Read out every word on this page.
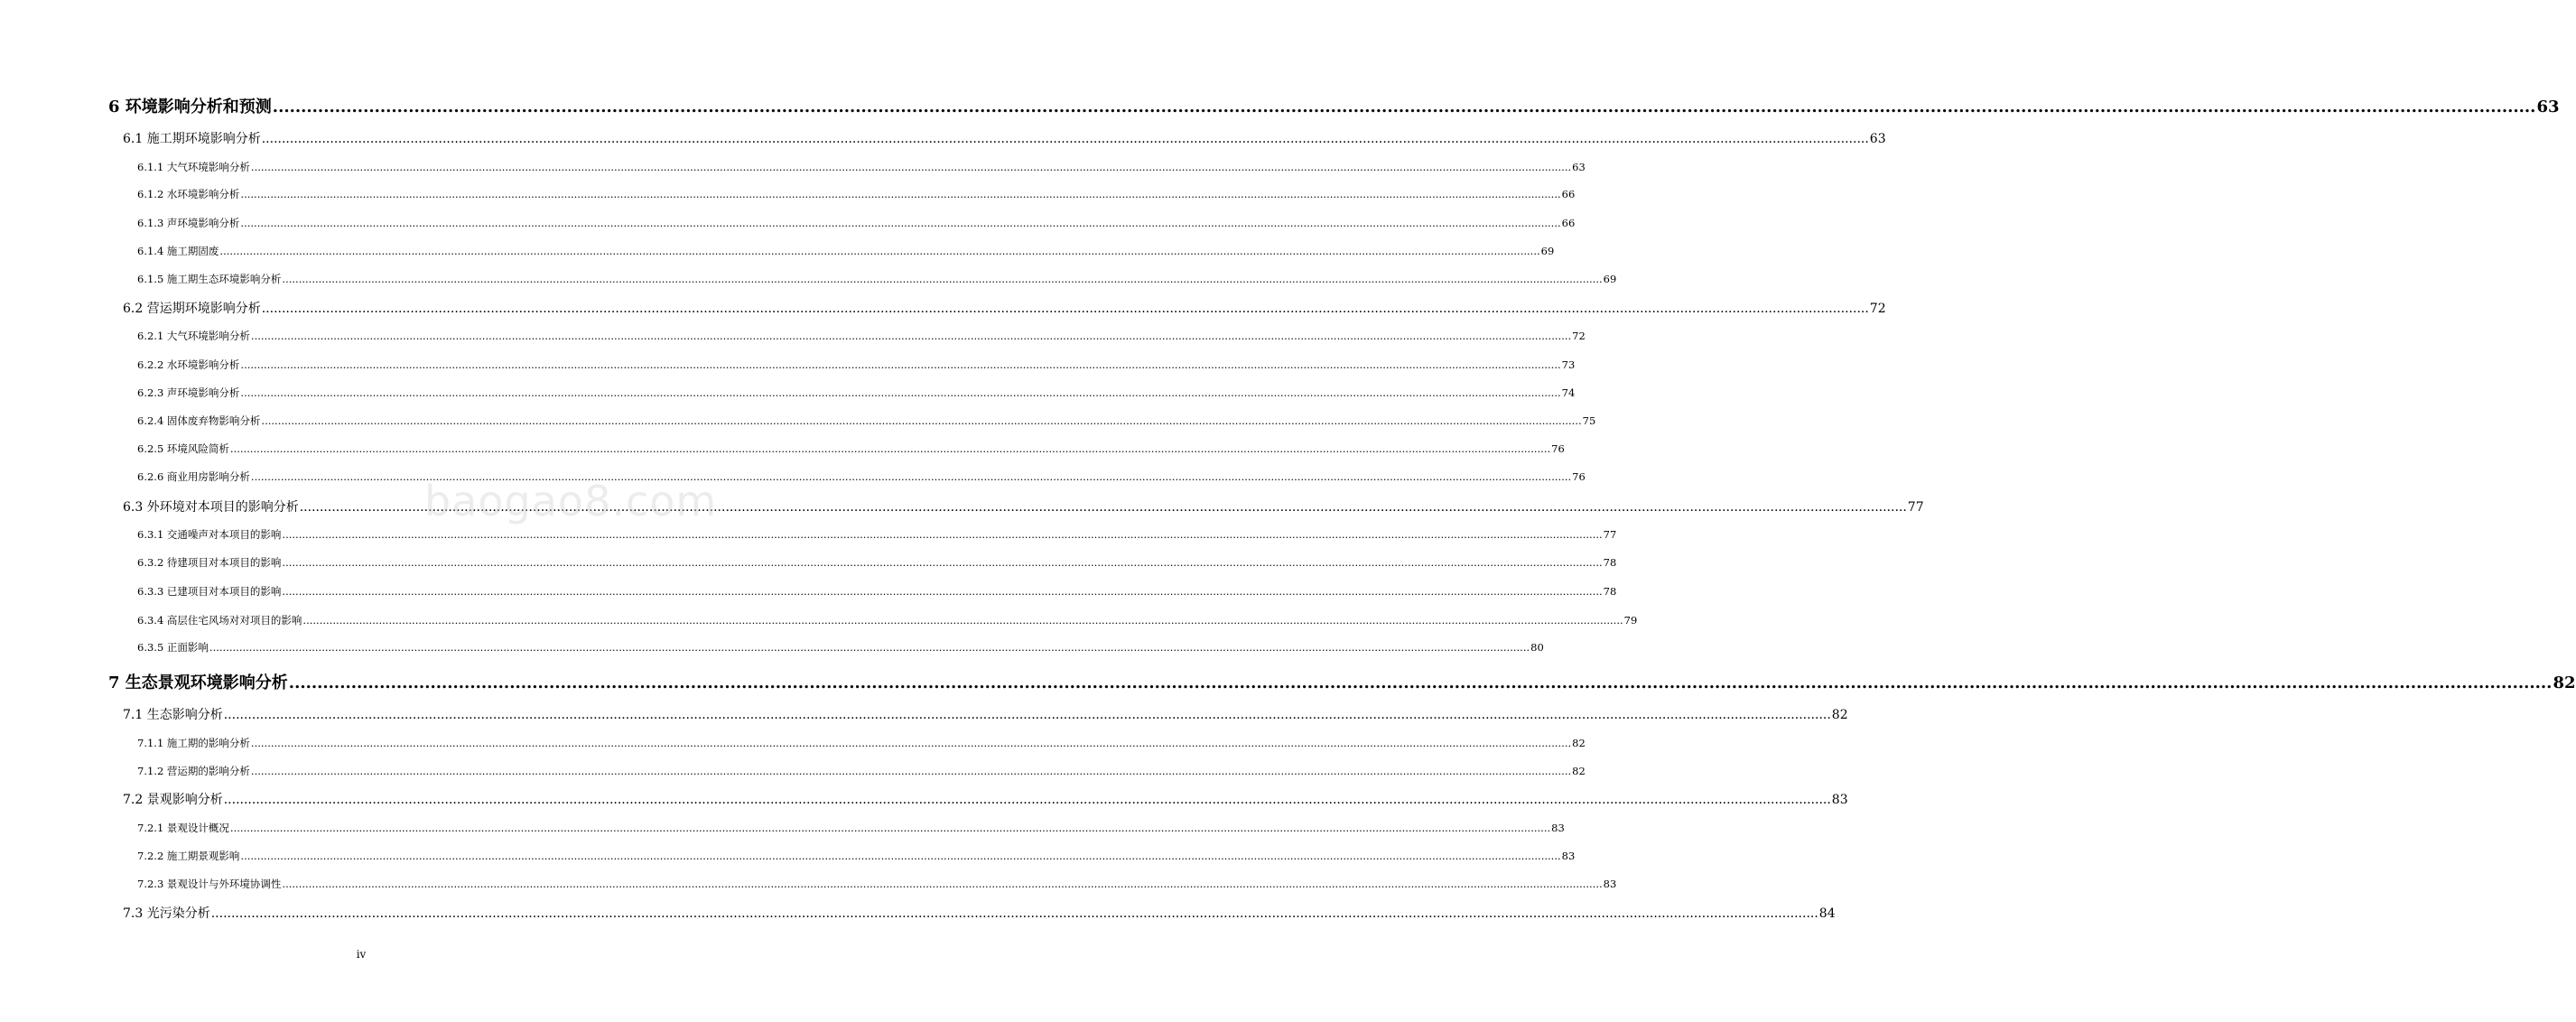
6 环境影响分析和预测 ................................................................................................................................................................................................................................................................................................................................................................................................................ 63
6.1 施工期环境影响分析 ................................................................................................................................................................................................................................................................................................................................................................................................................ 63
6.1.1 大气环境影响分析 ................................................................................................................................................................................................................................................................................................................................................................................................................ 63
6.1.2 水环境影响分析 ................................................................................................................................................................................................................................................................................................................................................................................................................ 66
6.1.3 声环境影响分析 ................................................................................................................................................................................................................................................................................................................................................................................................................ 66
6.1.4 施工期固废 ................................................................................................................................................................................................................................................................................................................................................................................................................ 69
6.1.5 施工期生态环境影响分析 ................................................................................................................................................................................................................................................................................................................................................................................................................ 69
6.2 营运期环境影响分析 ................................................................................................................................................................................................................................................................................................................................................................................................................ 72
6.2.1 大气环境影响分析 ................................................................................................................................................................................................................................................................................................................................................................................................................ 72
6.2.2 水环境影响分析 ................................................................................................................................................................................................................................................................................................................................................................................................................ 73
6.2.3 声环境影响分析 ................................................................................................................................................................................................................................................................................................................................................................................................................ 74
6.2.4 固体废弃物影响分析 ................................................................................................................................................................................................................................................................................................................................................................................................................ 75
6.2.5 环境风险简析 ................................................................................................................................................................................................................................................................................................................................................................................................................ 76
6.2.6 商业用房影响分析 ................................................................................................................................................................................................................................................................................................................................................................................................................ 76
6.3 外环境对本项目的影响分析 ................................................................................................................................................................................................................................................................................................................................................................................................................ 77
6.3.1 交通噪声对本项目的影响 ................................................................................................................................................................................................................................................................................................................................................................................................................ 77
6.3.2 待建项目对本项目的影响 ................................................................................................................................................................................................................................................................................................................................................................................................................ 78
6.3.3 已建项目对本项目的影响 ................................................................................................................................................................................................................................................................................................................................................................................................................ 78
6.3.4 高层住宅风场对对项目的影响 ................................................................................................................................................................................................................................................................................................................................................................................................................ 79
6.3.5 正面影响 ................................................................................................................................................................................................................................................................................................................................................................................................................ 80
7 生态景观环境影响分析 ................................................................................................................................................................................................................................................................................................................................................................................................................ 82
7.1 生态影响分析 ................................................................................................................................................................................................................................................................................................................................................................................................................ 82
7.1.1 施工期的影响分析 ................................................................................................................................................................................................................................................................................................................................................................................................................ 82
7.1.2 营运期的影响分析 ................................................................................................................................................................................................................................................................................................................................................................................................................ 82
7.2 景观影响分析 ................................................................................................................................................................................................................................................................................................................................................................................................................ 83
7.2.1 景观设计概况 ................................................................................................................................................................................................................................................................................................................................................................................................................ 83
7.2.2 施工期景观影响 ................................................................................................................................................................................................................................................................................................................................................................................................................ 83
7.2.3 景观设计与外环境协调性 ................................................................................................................................................................................................................................................................................................................................................................................................................ 83
7.3 光污染分析 ................................................................................................................................................................................................................................................................................................................................................................................................................ 84
baogao8.com
iv
